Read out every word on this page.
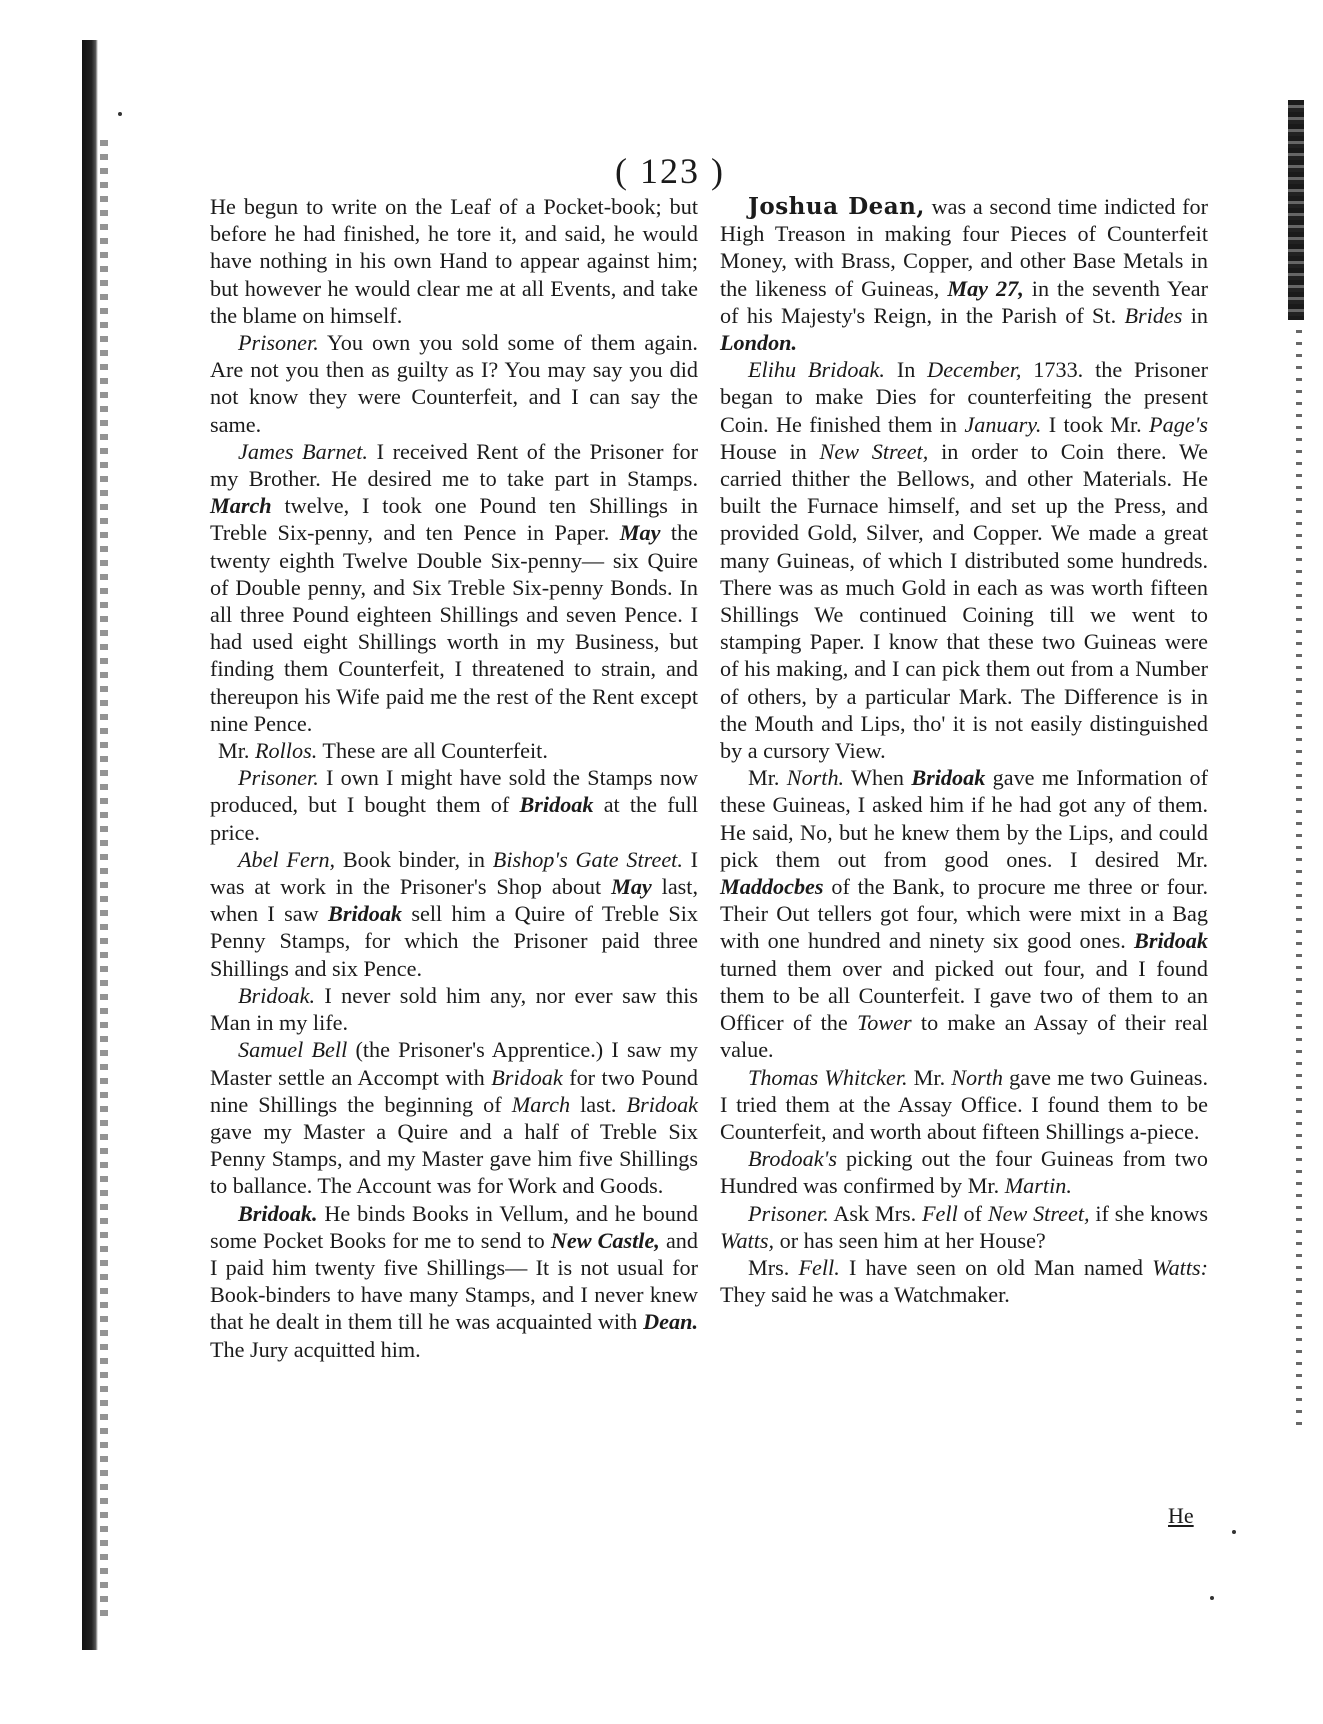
( 123 )

He begun to write on the Leaf of a Pocket-book; but before he had finished, he tore it, and said, he would have nothing in his own Hand to appear against him; but however he would clear me at all Events, and take the blame on himself.

Prisoner. You own you sold some of them again. Are not you then as guilty as I? You may say you did not know they were Counterfeit, and I can say the same.

James Barnet. I received Rent of the Prisoner for my Brother. He desired me to take part in Stamps. March twelve, I took one Pound ten Shillings in Treble Six-penny, and ten Pence in Paper. May the twenty eighth Twelve Double Six-penny— six Quire of Double penny, and Six Treble Six-penny Bonds. In all three Pound eighteen Shillings and seven Pence. I had used eight Shillings worth in my Business, but finding them Counterfeit, I threatened to strain, and thereupon his Wife paid me the rest of the Rent except nine Pence.

Mr. Rollos. These are all Counterfeit.

Prisoner. I own I might have sold the Stamps now produced, but I bought them of Bridoak at the full price.

Abel Fern, Book binder, in Bishop's Gate Street. I was at work in the Prisoner's Shop about May last, when I saw Bridoak sell him a Quire of Treble Six Penny Stamps, for which the Prisoner paid three Shillings and six Pence.

Bridoak. I never sold him any, nor ever saw this Man in my life.

Samuel Bell (the Prisoner's Apprentice.) I saw my Master settle an Accompt with Bridoak for two Pound nine Shillings the beginning of March last. Bridoak gave my Master a Quire and a half of Treble Six Penny Stamps, and my Master gave him five Shillings to ballance. The Account was for Work and Goods.

Bridoak. He binds Books in Vellum, and he bound some Pocket Books for me to send to New Castle, and I paid him twenty five Shillings— It is not usual for Book-binders to have many Stamps, and I never knew that he dealt in them till he was acquainted with Dean. The Jury acquitted him.

Joshua Dean, was a second time indicted for High Treason in making four Pieces of Counterfeit Money, with Brass, Copper, and other Base Metals in the likeness of Guineas, May 27, in the seventh Year of his Majesty's Reign, in the Parish of St. Brides in London.

Elihu Bridoak. In December, 1733. the Prisoner began to make Dies for counterfeiting the present Coin. He finished them in January. I took Mr. Page's House in New Street, in order to Coin there. We carried thither the Bellows, and other Materials. He built the Furnace himself, and set up the Press, and provided Gold, Silver, and Copper. We made a great many Guineas, of which I distributed some hundreds. There was as much Gold in each as was worth fifteen Shillings We continued Coining till we went to stamping Paper. I know that these two Guineas were of his making, and I can pick them out from a Number of others, by a particular Mark. The Difference is in the Mouth and Lips, tho' it is not easily distinguished by a cursory View.

Mr. North. When Bridoak gave me Information of these Guineas, I asked him if he had got any of them. He said, No, but he knew them by the Lips, and could pick them out from good ones. I desired Mr. Maddocbes of the Bank, to procure me three or four. Their Out tellers got four, which were mixt in a Bag with one hundred and ninety six good ones. Bridoak turned them over and picked out four, and I found them to be all Counterfeit. I gave two of them to an Officer of the Tower to make an Assay of their real value.

Thomas Whitcker. Mr. North gave me two Guineas. I tried them at the Assay Office. I found them to be Counterfeit, and worth about fifteen Shillings a-piece.

Brodoak's picking out the four Guineas from two Hundred was confirmed by Mr. Martin.

Prisoner. Ask Mrs. Fell of New Street, if she knows Watts, or has seen him at her House?

Mrs. Fell. I have seen on old Man named Watts: They said he was a Watchmaker.

He
